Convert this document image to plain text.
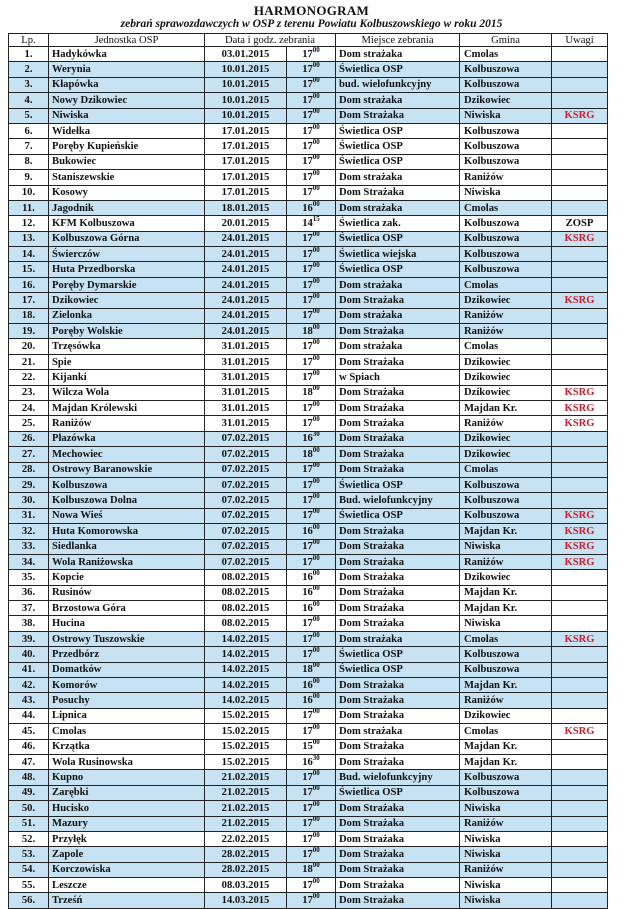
HARMONOGRAM
zebrań sprawozdawczych w OSP z terenu Powiatu Kolbuszowskiego w roku 2015
Lp.	Jednostka OSP	Data i godz. zebrania		Miejsce zebrania	Gmina	Uwagi
1.	Hadykówka	03.01.2015	$17^{00}$	Dom strażaka	Cmolas	
2.	Werynia	10.01.2015	$17^{00}$	Świetlica OSP	Kolbuszowa	
3.	Kłapówka	10.01.2015	$17^{00}$	bud. wielofunkcyjny	Kolbuszowa	
4.	Nowy Dzikowiec	10.01.2015	$17^{00}$	Dom strażaka	Dzikowiec	
5.	Niwiska	10.01.2015	$17^{00}$	Dom Strażaka	Niwiska	KSRG
6.	Widełka	17.01.2015	$17^{00}$	Świetlica OSP	Kolbuszowa	
7.	Poręby Kupieńskie	17.01.2015	$17^{00}$	Świetlica OSP	Kolbuszowa	
8.	Bukowiec	17.01.2015	$17^{00}$	Świetlica OSP	Kolbuszowa	
9.	Staniszewskie	17.01.2015	$17^{00}$	Dom strażaka	Raniżów	
10.	Kosowy	17.01.2015	$17^{00}$	Dom Strażaka	Niwiska	
11.	Jagodnik	18.01.2015	$16^{00}$	Dom strażaka	Cmolas	
12.	KFM Kolbuszowa	20.01.2015	$14^{15}$	Świetlica zak.	Kolbuszowa	ZOSP
13.	Kolbuszowa Górna	24.01.2015	$17^{00}$	Świetlica OSP	Kolbuszowa	KSRG
14.	Świerczów	24.01.2015	$17^{00}$	Świetlica wiejska	Kolbuszowa	
15.	Huta Przedborska	24.01.2015	$17^{00}$	Świetlica OSP	Kolbuszowa	
16.	Poręby Dymarskie	24.01.2015	$17^{00}$	Dom strażaka	Cmolas	
17.	Dzikowiec	24.01.2015	$17^{00}$	Dom Strażaka	Dzikowiec	KSRG
18.	Zielonka	24.01.2015	$17^{00}$	Dom strażaka	Raniżów	
19.	Poręby Wolskie	24.01.2015	$18^{00}$	Dom Strażaka	Raniżów	
20.	Trzęsówka	31.01.2015	$17^{00}$	Dom strażaka	Cmolas	
21.	Spie	31.01.2015	$17^{00}$	Dom Strażaka	Dzikowiec	
22.	Kijanki	31.01.2015	$17^{00}$	w Spiach	Dzikowiec	
23.	Wilcza Wola	31.01.2015	$18^{00}$	Dom Strażaka	Dzikowiec	KSRG
24.	Majdan Królewski	31.01.2015	$17^{00}$	Dom Strażaka	Majdan Kr.	KSRG
25.	Raniżów	31.01.2015	$17^{00}$	Dom Strażaka	Raniżów	KSRG
26.	Płazówka	07.02.2015	$16^{30}$	Dom Strażaka	Dzikowiec	
27.	Mechowiec	07.02.2015	$18^{00}$	Dom Strażaka	Dzikowiec	
28.	Ostrowy Baranowskie	07.02.2015	$17^{00}$	Dom Strażaka	Cmolas	
29.	Kolbuszowa	07.02.2015	$17^{00}$	Świetlica OSP	Kolbuszowa	
30.	Kolbuszowa Dolna	07.02.2015	$17^{00}$	Bud. wielofunkcyjny	Kolbuszowa	
31.	Nowa Wieś	07.02.2015	$17^{00}$	Świetlica OSP	Kolbuszowa	KSRG
32.	Huta Komorowska	07.02.2015	$16^{00}$	Dom Strażaka	Majdan Kr.	KSRG
33.	Siedlanka	07.02.2015	$17^{00}$	Dom Strażaka	Niwiska	KSRG
34.	Wola Raniżowska	07.02.2015	$17^{00}$	Dom Strażaka	Raniżów	KSRG
35.	Kopcie	08.02.2015	$16^{00}$	Dom Strażaka	Dzikowiec	
36.	Rusinów	08.02.2015	$16^{00}$	Dom Strażaka	Majdan Kr.	
37.	Brzostowa Góra	08.02.2015	$16^{00}$	Dom Strażaka	Majdan Kr.	
38.	Hucina	08.02.2015	$17^{00}$	Dom Strażaka	Niwiska	
39.	Ostrowy Tuszowskie	14.02.2015	$17^{00}$	Dom strażaka	Cmolas	KSRG
40.	Przedbórz	14.02.2015	$17^{00}$	Świetlica OSP	Kolbuszowa	
41.	Domatków	14.02.2015	$18^{00}$	Świetlica OSP	Kolbuszowa	
42.	Komorów	14.02.2015	$16^{00}$	Dom Strażaka	Majdan Kr.	
43.	Posuchy	14.02.2015	$16^{00}$	Dom Strażaka	Raniżów	
44.	Lipnica	15.02.2015	$17^{00}$	Dom Strażaka	Dzikowiec	
45.	Cmolas	15.02.2015	$17^{00}$	Dom strażaka	Cmolas	KSRG
46.	Krzątka	15.02.2015	$15^{00}$	Dom Strażaka	Majdan Kr.	
47.	Wola Rusinowska	15.02.2015	$16^{30}$	Dom Strażaka	Majdan Kr.	
48.	Kupno	21.02.2015	$17^{00}$	Bud. wielofunkcyjny	Kolbuszowa	
49.	Zarębki	21.02.2015	$17^{00}$	Świetlica OSP	Kolbuszowa	
50.	Hucisko	21.02.2015	$17^{00}$	Dom Strażaka	Niwiska	
51.	Mazury	21.02.2015	$17^{00}$	Dom Strażaka	Raniżów	
52.	Przyłęk	22.02.2015	$17^{00}$	Dom Strażaka	Niwiska	
53.	Zapole	28.02.2015	$17^{00}$	Dom Strażaka	Niwiska	
54.	Korczowiska	28.02.2015	$18^{00}$	Dom Strażaka	Raniżów	
55.	Leszcze	08.03.2015	$17^{00}$	Dom Strażaka	Niwiska	
56.	Trześń	14.03.2015	$17^{00}$	Dom Strażaka	Niwiska	
